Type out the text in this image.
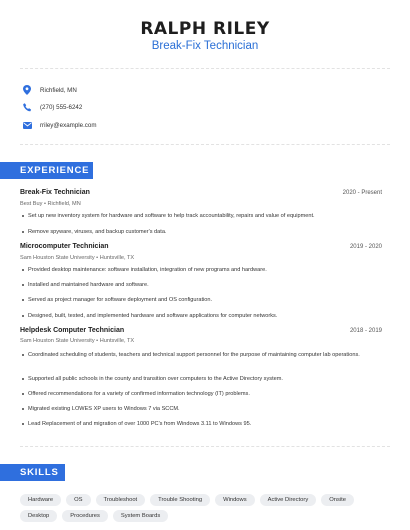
RALPH RILEY
Break-Fix Technician
Richfield, MN
(270) 555-6242
rriley@example.com
EXPERIENCE
Break-Fix Technician	2020 - Present
Best Buy • Richfield, MN
Set up new inventory system for hardware and software to help track accountability, repairs and value of equipment.
Remove spyware, viruses, and backup customer's data.
Microcomputer Technician	2019 - 2020
Sam Houston State University • Huntsville, TX
Provided desktop maintenance: software installation, integration of new programs and hardware.
Installed and maintained hardware and software.
Served as project manager for software deployment and OS configuration.
Designed, built, tested, and implemented hardware and software applications for computer networks.
Helpdesk Computer Technician	2018 - 2019
Sam Houston State University • Huntsville, TX
Coordinated scheduling of students, teachers and technical support personnel for the purpose of maintaining computer lab operations.
Supported all public schools in the county and transition over computers to the Active Directory system.
Offered recommendations for a variety of confirmed information technology (IT) problems.
Migrated existing LOWES XP users to Windows 7 via SCCM.
Lead Replacement of and migration of over 1000 PC's from Windows 3.11 to Windows 95.
SKILLS
Hardware	OS	Troubleshoot	Trouble Shooting	Windows	Active Directory	Onsite
Desktop	Procedures	System Boards
